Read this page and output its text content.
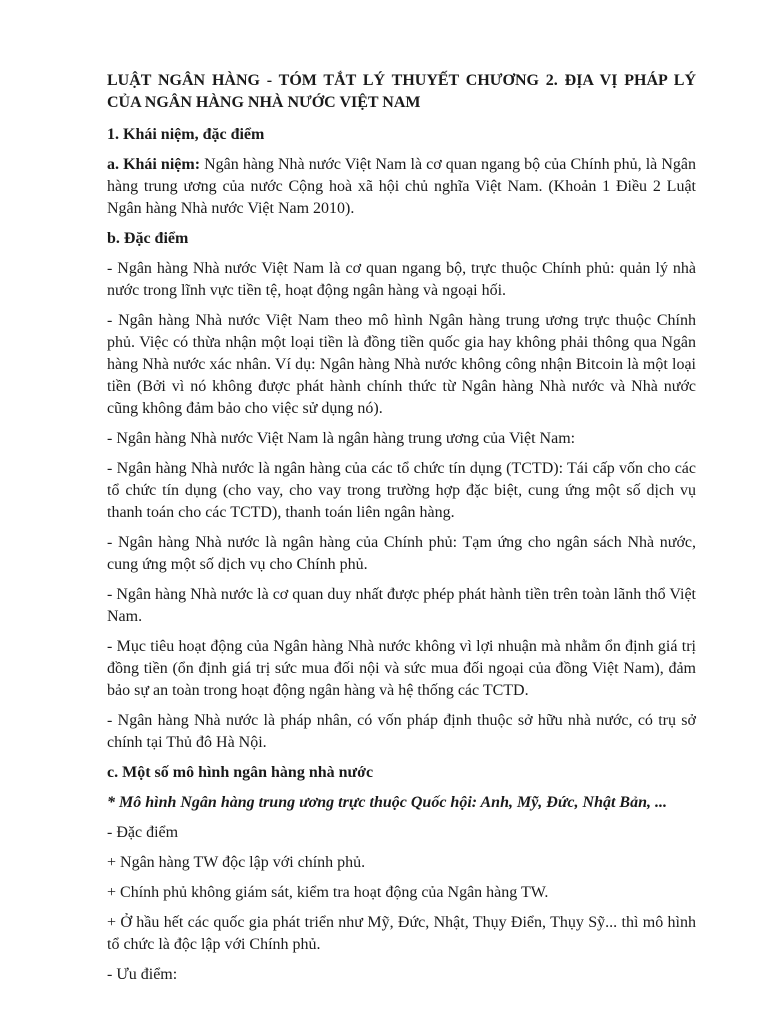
LUẬT NGÂN HÀNG - TÓM TẮT LÝ THUYẾT CHƯƠNG 2. ĐỊA VỊ PHÁP LÝ CỦA NGÂN HÀNG NHÀ NƯỚC VIỆT NAM
1. Khái niệm, đặc điểm

a. Khái niệm: Ngân hàng Nhà nước Việt Nam là cơ quan ngang bộ của Chính phủ, là Ngân hàng trung ương của nước Cộng hoà xã hội chủ nghĩa Việt Nam. (Khoản 1 Điều 2 Luật Ngân hàng Nhà nước Việt Nam 2010).

b. Đặc điểm

- Ngân hàng Nhà nước Việt Nam là cơ quan ngang bộ, trực thuộc Chính phủ: quản lý nhà nước trong lĩnh vực tiền tệ, hoạt động ngân hàng và ngoại hối.

- Ngân hàng Nhà nước Việt Nam theo mô hình Ngân hàng trung ương trực thuộc Chính phủ. Việc có thừa nhận một loại tiền là đồng tiền quốc gia hay không phải thông qua Ngân hàng Nhà nước xác nhân. Ví dụ: Ngân hàng Nhà nước không công nhận Bitcoin là một loại tiền (Bởi vì nó không được phát hành chính thức từ Ngân hàng Nhà nước và Nhà nước cũng không đảm bảo cho việc sử dụng nó).

- Ngân hàng Nhà nước Việt Nam là ngân hàng trung ương của Việt Nam:

- Ngân hàng Nhà nước là ngân hàng của các tổ chức tín dụng (TCTD): Tái cấp vốn cho các tổ chức tín dụng (cho vay, cho vay trong trường hợp đặc biệt, cung ứng một số dịch vụ thanh toán cho các TCTD), thanh toán liên ngân hàng.

- Ngân hàng Nhà nước là ngân hàng của Chính phủ: Tạm ứng cho ngân sách Nhà nước, cung ứng một số dịch vụ cho Chính phủ.

- Ngân hàng Nhà nước là cơ quan duy nhất được phép phát hành tiền trên toàn lãnh thổ Việt Nam.

- Mục tiêu hoạt động của Ngân hàng Nhà nước không vì lợi nhuận mà nhằm ổn định giá trị đồng tiền (ổn định giá trị sức mua đối nội và sức mua đối ngoại của đồng Việt Nam), đảm bảo sự an toàn trong hoạt động ngân hàng và hệ thống các TCTD.

- Ngân hàng Nhà nước là pháp nhân, có vốn pháp định thuộc sở hữu nhà nước, có trụ sở chính tại Thủ đô Hà Nội.

c. Một số mô hình ngân hàng nhà nước

* Mô hình Ngân hàng trung ương trực thuộc Quốc hội: Anh, Mỹ, Đức, Nhật Bản, ...

- Đặc điểm

+ Ngân hàng TW độc lập với chính phủ.

+ Chính phủ không giám sát, kiểm tra hoạt động của Ngân hàng TW.

+ Ở hầu hết các quốc gia phát triển như Mỹ, Đức, Nhật, Thụy Điển, Thụy Sỹ... thì mô hình tổ chức là độc lập với Chính phủ.

- Ưu điểm:
